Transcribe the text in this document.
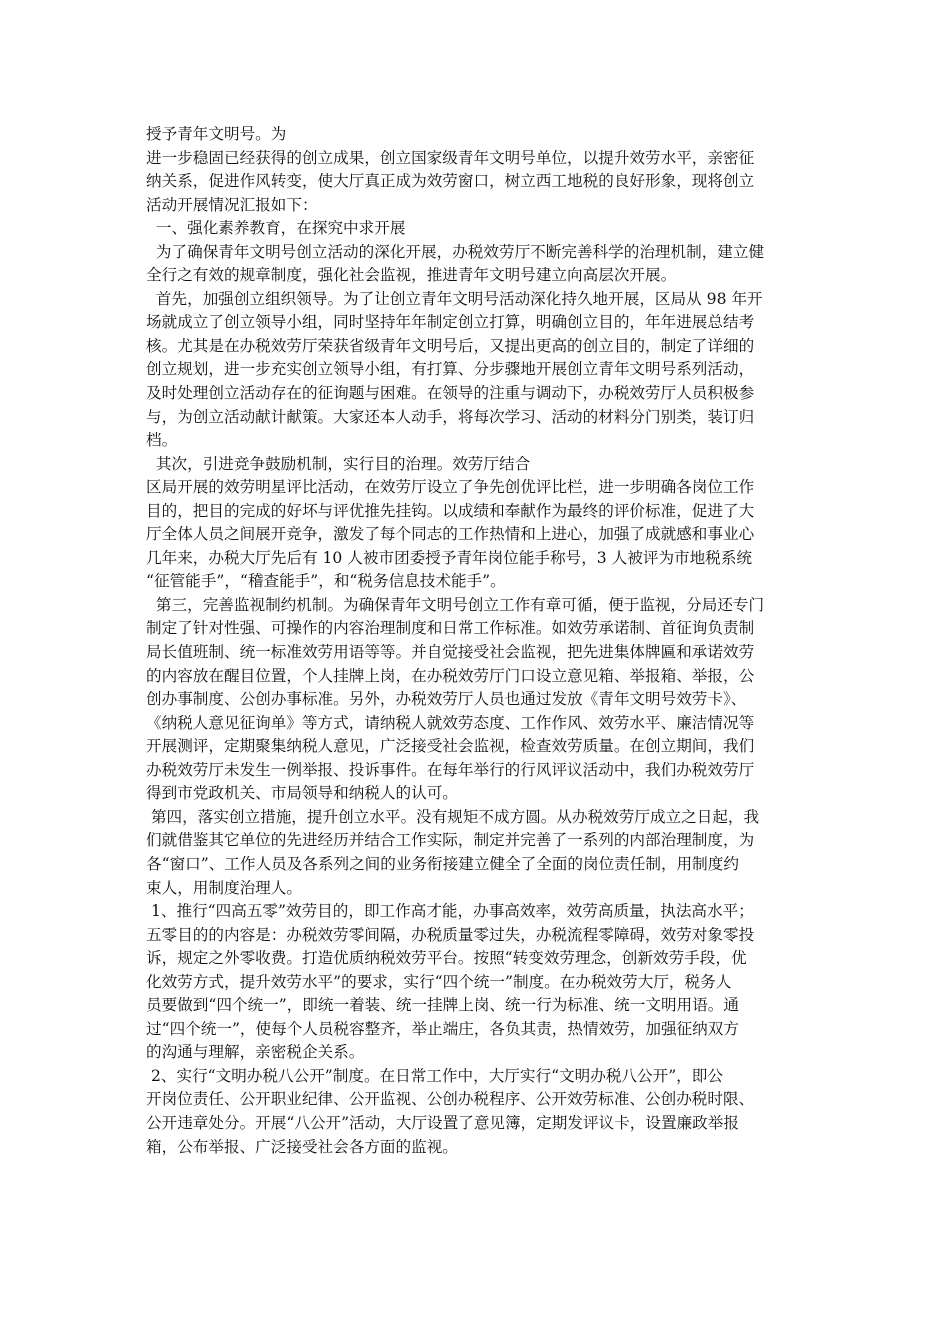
授予青年文明号。为
进一步稳固已经获得的创立成果，创立国家级青年文明号单位，以提升效劳水平，亲密征
纳关系，促进作风转变，使大厅真正成为效劳窗口，树立西工地税的良好形象，现将创立
活动开展情况汇报如下：
一、强化素养教育，在探究中求开展
为了确保青年文明号创立活动的深化开展，办税效劳厅不断完善科学的治理机制，建立健
全行之有效的规章制度，强化社会监视，推进青年文明号建立向高层次开展。
首先，加强创立组织领导。为了让创立青年文明号活动深化持久地开展，区局从 98 年开
场就成立了创立领导小组，同时坚持年年制定创立打算，明确创立目的，年年进展总结考
核。尤其是在办税效劳厅荣获省级青年文明号后，又提出更高的创立目的，制定了详细的
创立规划，进一步充实创立领导小组，有打算、分步骤地开展创立青年文明号系列活动，
及时处理创立活动存在的征询题与困难。在领导的注重与调动下，办税效劳厅人员积极参
与，为创立活动献计献策。大家还本人动手，将每次学习、活动的材料分门别类，装订归
档。
其次，引进竞争鼓励机制，实行目的治理。效劳厅结合
区局开展的效劳明星评比活动，在效劳厅设立了争先创优评比栏，进一步明确各岗位工作
目的，把目的完成的好坏与评优推先挂钩。以成绩和奉献作为最终的评价标准，促进了大
厅全体人员之间展开竞争，激发了每个同志的工作热情和上进心，加强了成就感和事业心
几年来，办税大厅先后有 10 人被市团委授予青年岗位能手称号，3 人被评为市地税系统
“征管能手”，“稽查能手”，和“税务信息技术能手”。
第三，完善监视制约机制。为确保青年文明号创立工作有章可循，便于监视，分局还专门
制定了针对性强、可操作的内容治理制度和日常工作标准。如效劳承诺制、首征询负责制
局长值班制、统一标准效劳用语等等。并自觉接受社会监视，把先进集体牌匾和承诺效劳
的内容放在醒目位置，个人挂牌上岗，在办税效劳厅门口设立意见箱、举报箱、举报，公
创办事制度、公创办事标准。另外，办税效劳厅人员也通过发放《青年文明号效劳卡》、
《纳税人意见征询单》等方式，请纳税人就效劳态度、工作作风、效劳水平、廉洁情况等
开展测评，定期聚集纳税人意见，广泛接受社会监视，检查效劳质量。在创立期间，我们
办税效劳厅未发生一例举报、投诉事件。在每年举行的行风评议活动中，我们办税效劳厅
得到市党政机关、市局领导和纳税人的认可。
第四，落实创立措施，提升创立水平。没有规矩不成方圆。从办税效劳厅成立之日起，我
们就借鉴其它单位的先进经历并结合工作实际，制定并完善了一系列的内部治理制度，为
各“窗口”、工作人员及各系列之间的业务衔接建立健全了全面的岗位责任制，用制度约
束人，用制度治理人。
1、推行“四高五零”效劳目的，即工作高才能，办事高效率，效劳高质量，执法高水平；
五零目的的内容是：办税效劳零间隔，办税质量零过失，办税流程零障碍，效劳对象零投
诉，规定之外零收费。打造优质纳税效劳平台。按照“转变效劳理念，创新效劳手段，优
化效劳方式，提升效劳水平”的要求，实行“四个统一”制度。在办税效劳大厅，税务人
员要做到“四个统一”，即统一着装、统一挂牌上岗、统一行为标准、统一文明用语。通
过“四个统一”，使每个人员税容整齐，举止端庄，各负其责，热情效劳，加强征纳双方
的沟通与理解，亲密税企关系。
2、实行“文明办税八公开”制度。在日常工作中，大厅实行“文明办税八公开”，即公
开岗位责任、公开职业纪律、公开监视、公创办税程序、公开效劳标准、公创办税时限、
公开违章处分。开展“八公开”活动，大厅设置了意见簿，定期发评议卡，设置廉政举报
箱，公布举报、广泛接受社会各方面的监视。
